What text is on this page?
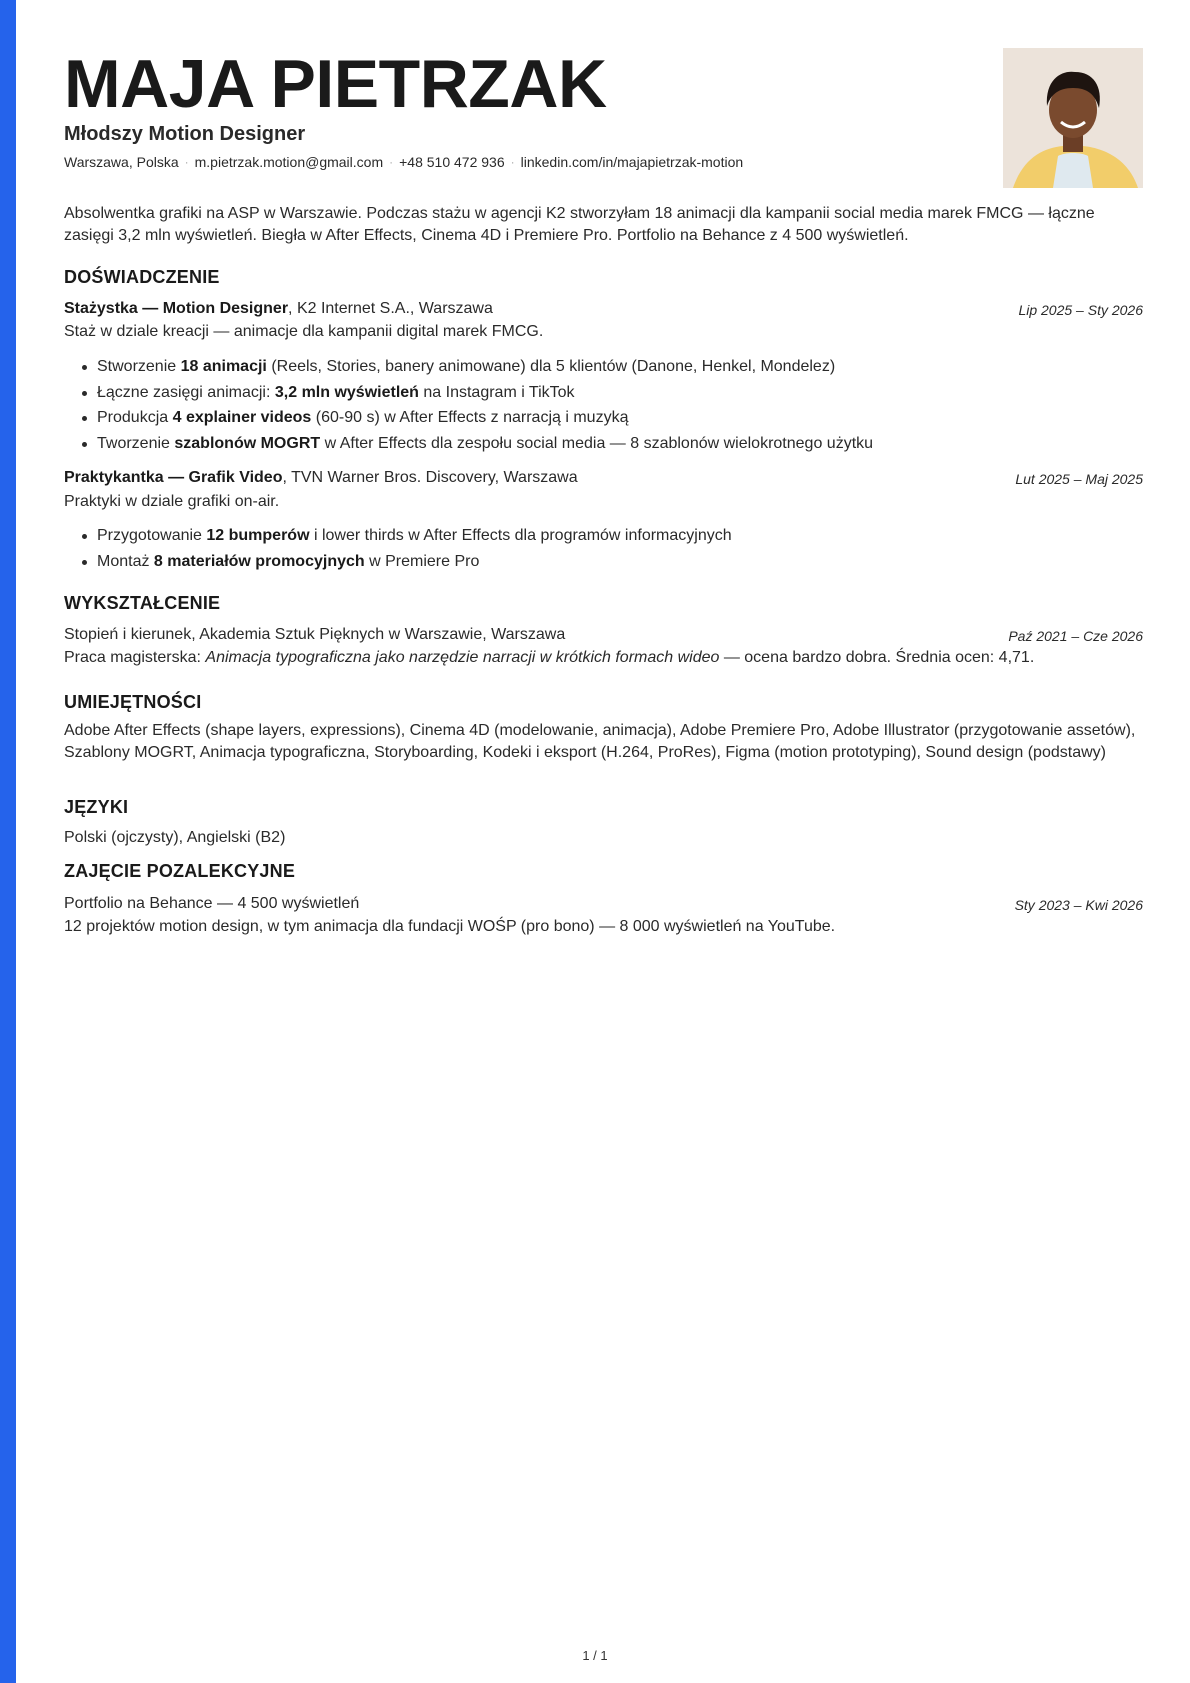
MAJA PIETRZAK
Młodszy Motion Designer
Warszawa, Polska · m.pietrzak.motion@gmail.com · +48 510 472 936 · linkedin.com/in/majapietrzak-motion

Absolwentka grafiki na ASP w Warszawie. Podczas stażu w agencji K2 stworzyłam 18 animacji dla kampanii social media marek FMCG — łączne zasięgi 3,2 mln wyświetleń. Biegła w After Effects, Cinema 4D i Premiere Pro. Portfolio na Behance z 4 500 wyświetleń.

DOŚWIADCZENIE
Stażystka — Motion Designer, K2 Internet S.A., Warszawa	Lip 2025 – Sty 2026
Staż w dziale kreacji — animacje dla kampanii digital marek FMCG.
Stworzenie 18 animacji (Reels, Stories, banery animowane) dla 5 klientów (Danone, Henkel, Mondelez)
Łączne zasięgi animacji: 3,2 mln wyświetleń na Instagram i TikTok
Produkcja 4 explainer videos (60-90 s) w After Effects z narracją i muzyką
Tworzenie szablonów MOGRT w After Effects dla zespołu social media — 8 szablonów wielokrotnego użytku
Praktykantka — Grafik Video, TVN Warner Bros. Discovery, Warszawa	Lut 2025 – Maj 2025
Praktyki w dziale grafiki on-air.
Przygotowanie 12 bumperów i lower thirds w After Effects dla programów informacyjnych
Montaż 8 materiałów promocyjnych w Premiere Pro
WYKSZTAŁCENIE
Stopień i kierunek, Akademia Sztuk Pięknych w Warszawie, Warszawa	Paź 2021 – Cze 2026
Praca magisterska: Animacja typograficzna jako narzędzie narracji w krótkich formach wideo — ocena bardzo dobra. Średnia ocen: 4,71.
UMIEJĘTNOŚCI
Adobe After Effects (shape layers, expressions), Cinema 4D (modelowanie, animacja), Adobe Premiere Pro, Adobe Illustrator (przygotowanie assetów), Szablony MOGRT, Animacja typograficzna, Storyboarding, Kodeki i eksport (H.264, ProRes), Figma (motion prototyping), Sound design (podstawy)
JĘZYKI
Polski (ojczysty), Angielski (B2)
ZAJĘCIE POZALEKCYJNE
Portfolio na Behance — 4 500 wyświetleń	Sty 2023 – Kwi 2026
12 projektów motion design, w tym animacja dla fundacji WOŚP (pro bono) — 8 000 wyświetleń na YouTube.
1 / 1
